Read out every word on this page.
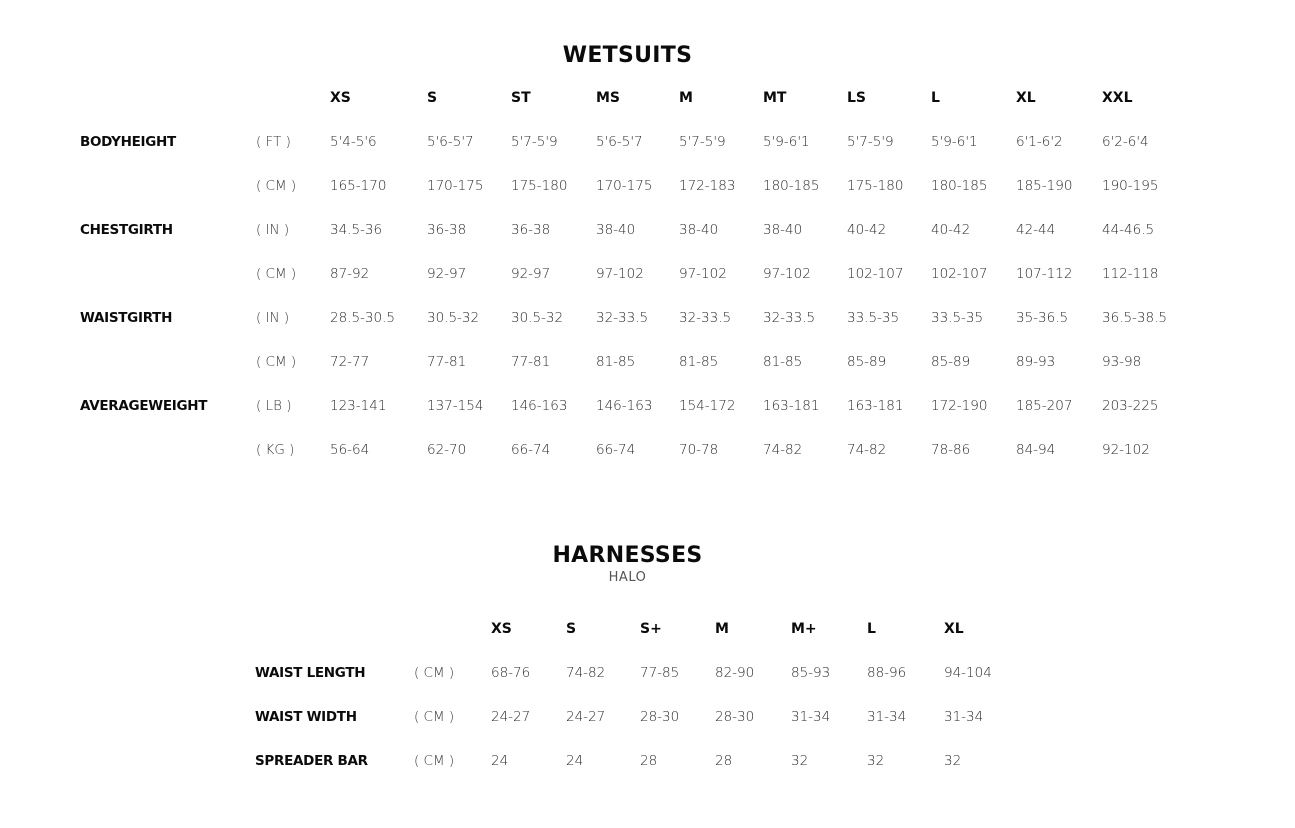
WETSUITS
XS	S	ST	MS	M	MT	LS	L	XL	XXL
BODYHEIGHT	( FT )	5'4-5'6	5'6-5'7	5'7-5'9	5'6-5'7	5'7-5'9	5'9-6'1	5'7-5'9	5'9-6'1	6'1-6'2	6'2-6'4
( CM )	165-170	170-175 175-180 170-175 172-183 180-185 175-180 180-185 185-190 190-195
CHESTGIRTH	( IN )	34.5-36	36-38	36-38	38-40	38-40	38-40	40-42	40-42	42-44	44-46.5
( CM )	87-92	92-97	92-97	97-102	97-102	97-102	102-107 102-107 107-112 112-118
WAISTGIRTH	( IN )	28.5-30.5 30.5-32 30.5-32 32-33.5 32-33.5 32-33.5 33.5-35 33.5-35 35-36.5	36.5-38.5
( CM )	72-77	77-81	77-81	81-85	81-85	81-85	85-89	85-89	89-93	93-98
AVERAGEWEIGHT	( LB )	123-141	137-154 146-163 146-163 154-172 163-181 163-181 172-190 185-207 203-225
( KG )	56-64	62-70	66-74	66-74	70-78	74-82	74-82	78-86	84-94	92-102
HARNESSES
HALO
XS	S	S+	M	M+	L	XL
WAIST LENGTH	( CM )	68-76	74-82	77-85	82-90	85-93	88-96	94-104
WAIST WIDTH	( CM )	24-27	24-27	28-30	28-30	31-34	31-34	31-34
SPREADER BAR	( CM )	24	24	28	28	32	32	32
